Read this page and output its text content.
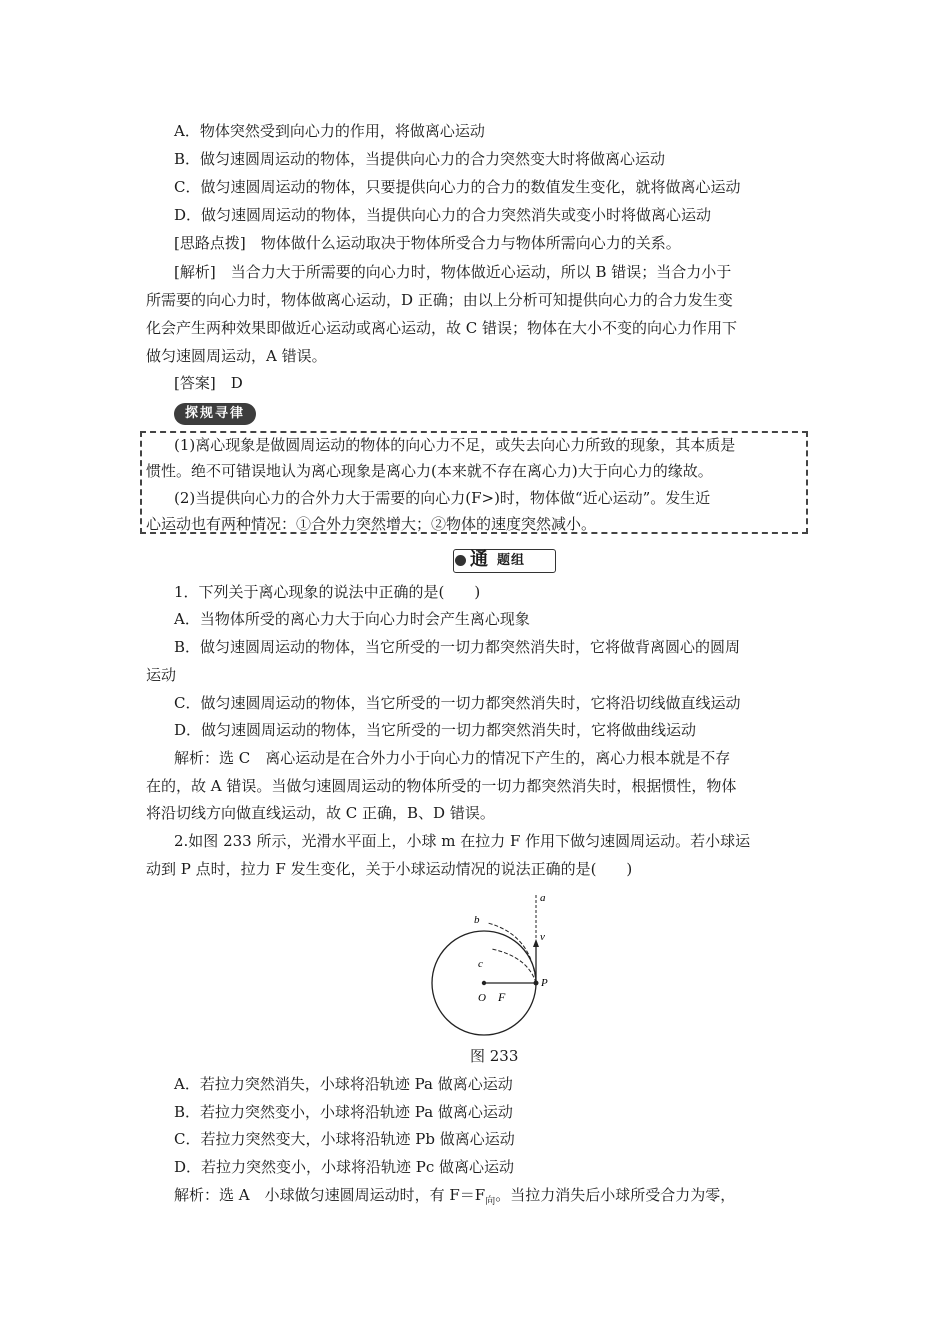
A．物体突然受到向心力的作用，将做离心运动
B．做匀速圆周运动的物体，当提供向心力的合力突然变大时将做离心运动
C．做匀速圆周运动的物体，只要提供向心力的合力的数值发生变化，就将做离心运动
D．做匀速圆周运动的物体，当提供向心力的合力突然消失或变小时将做离心运动
[思路点拨]　物体做什么运动取决于物体所受合力与物体所需向心力的关系。
[解析]　当合力大于所需要的向心力时，物体做近心运动，所以 B 错误；当合力小于
所需要的向心力时，物体做离心运动，D 正确；由以上分析可知提供向心力的合力发生变
化会产生两种效果即做近心运动或离心运动，故 C 错误；物体在大小不变的向心力作用下
做匀速圆周运动，A 错误。
[答案]　D
探规寻律
(1)离心现象是做圆周运动的物体的向心力不足，或失去向心力所致的现象，其本质是
惯性。绝不可错误地认为离心现象是离心力(本来就不存在离心力)大于向心力的缘故。
(2)当提供向心力的合外力大于需要的向心力(F>)时，物体做“近心运动”。发生近
心运动也有两种情况：①合外力突然增大；②物体的速度突然减小。
通 题组
1．下列关于离心现象的说法中正确的是(　　)
A．当物体所受的离心力大于向心力时会产生离心现象
B．做匀速圆周运动的物体，当它所受的一切力都突然消失时，它将做背离圆心的圆周
运动
C．做匀速圆周运动的物体，当它所受的一切力都突然消失时，它将沿切线做直线运动
D．做匀速圆周运动的物体，当它所受的一切力都突然消失时，它将做曲线运动
解析：选 C　离心运动是在合外力小于向心力的情况下产生的，离心力根本就是不存
在的，故 A 错误。当做匀速圆周运动的物体所受的一切力都突然消失时，根据惯性，物体
将沿切线方向做直线运动，故 C 正确，B、D 错误。
2.如图 233 所示，光滑水平面上，小球 m 在拉力 F 作用下做匀速圆周运动。若小球运
动到 P 点时，拉力 F 发生变化，关于小球运动情况的说法正确的是(　　)
a
b
c
v
P
O F
图 233
A．若拉力突然消失，小球将沿轨迹 Pa 做离心运动
B．若拉力突然变小，小球将沿轨迹 Pa 做离心运动
C．若拉力突然变大，小球将沿轨迹 Pb 做离心运动
D．若拉力突然变小，小球将沿轨迹 Pc 做离心运动
解析：选 A　小球做匀速圆周运动时，有 $F=F_向$。当拉力消失后小球所受合力为零，
